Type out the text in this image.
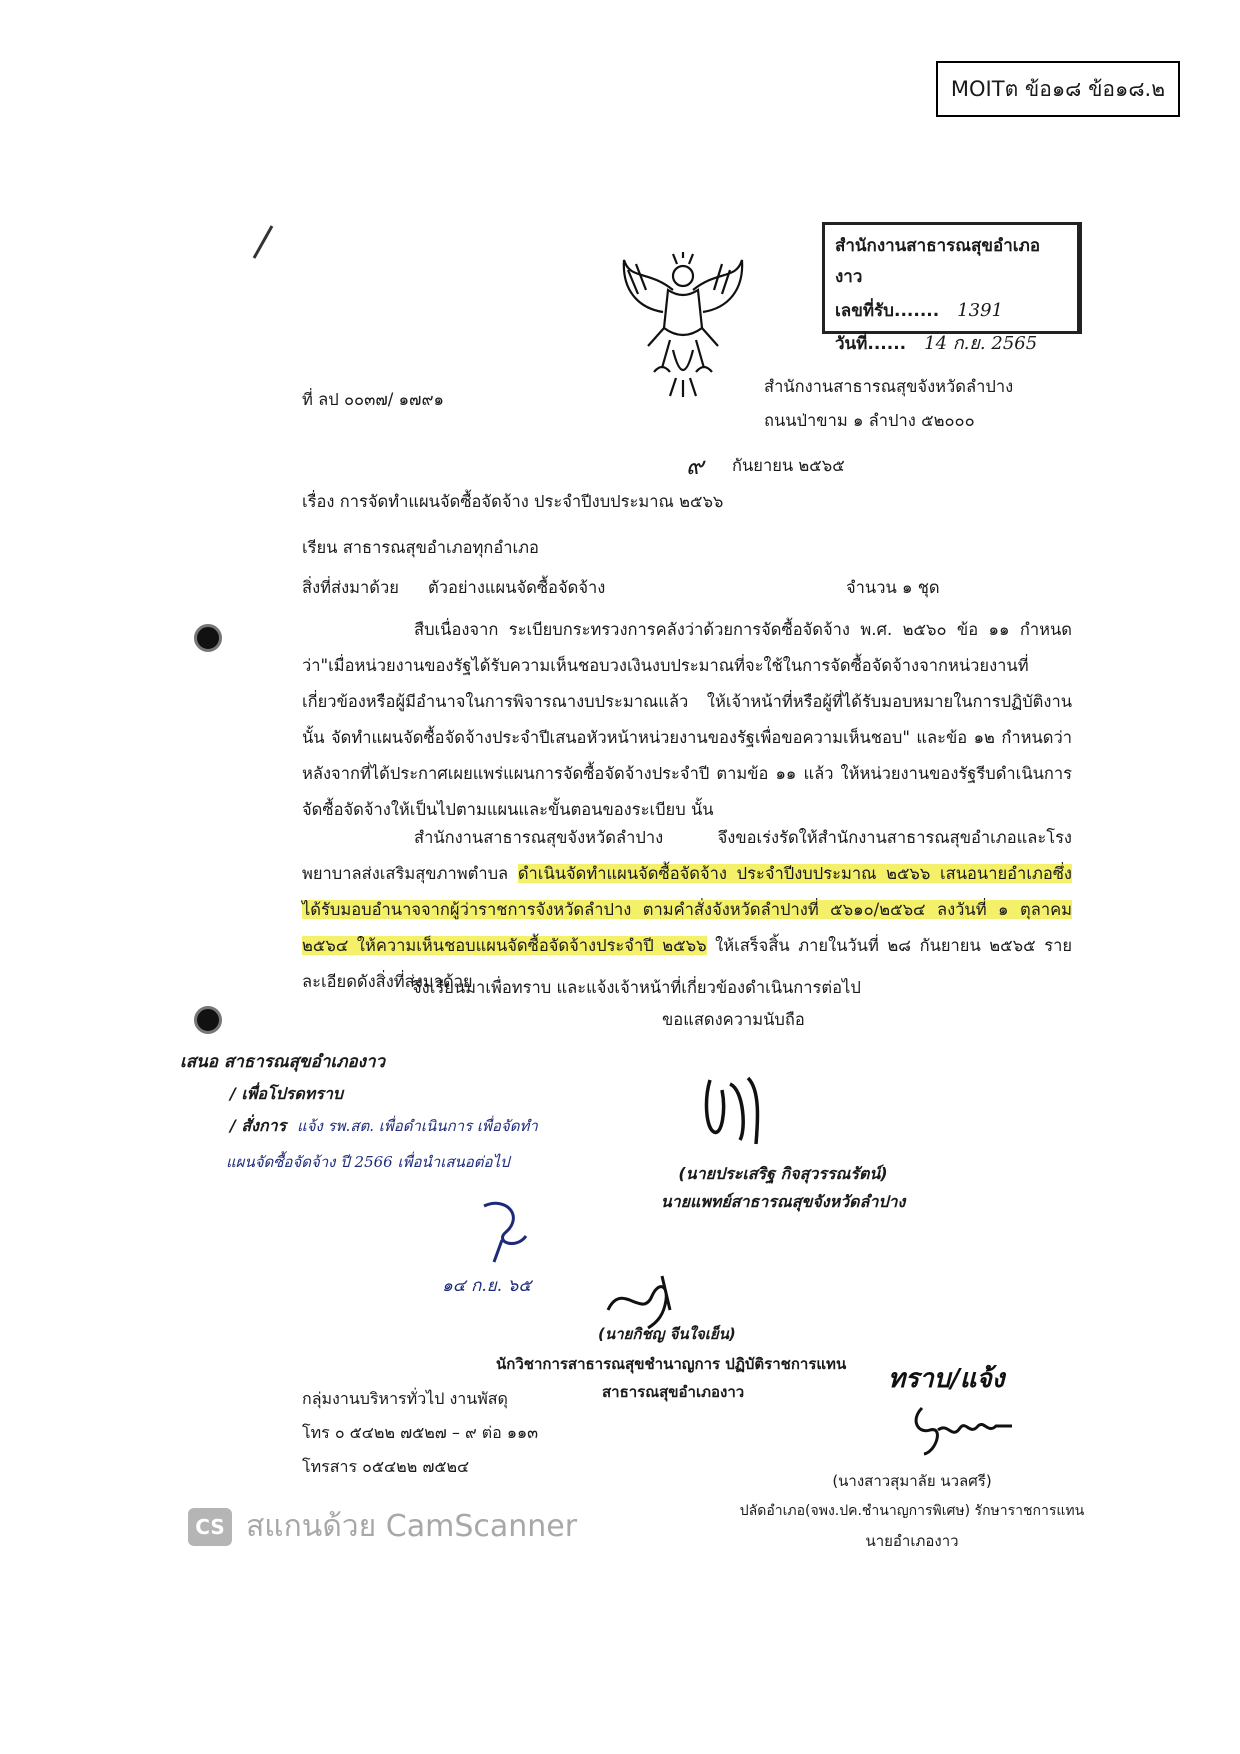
MOITต ข้อ๑๘ ข้อ๑๘.๒
สำนักงานสาธารณสุขอำเภองาว
เลขที่รับ....... 1391
วันที่...... 14 ก.ย. 2565
ที่ ลป ๐๐๓๗/ ๑๗๙๑
สำนักงานสาธารณสุขจังหวัดลำปาง
ถนนป่าขาม ๑ ลำปาง ๕๒๐๐๐
๙ กันยายน ๒๕๖๕
เรื่อง การจัดทำแผนจัดซื้อจัดจ้าง ประจำปีงบประมาณ ๒๕๖๖
เรียน สาธารณสุขอำเภอทุกอำเภอ
สิ่งที่ส่งมาด้วย ตัวอย่างแผนจัดซื้อจัดจ้าง	จำนวน ๑ ชุด
สืบเนื่องจาก ระเบียบกระทรวงการคลังว่าด้วยการจัดซื้อจัดจ้าง พ.ศ. ๒๕๖๐ ข้อ ๑๑ กำหนดว่า"เมื่อหน่วยงานของรัฐได้รับความเห็นชอบวงเงินงบประมาณที่จะใช้ในการจัดซื้อจัดจ้างจากหน่วยงานที่เกี่ยวข้องหรือผู้มีอำนาจในการพิจารณางบประมาณแล้ว ให้เจ้าหน้าที่หรือผู้ที่ได้รับมอบหมายในการปฏิบัติงานนั้น จัดทำแผนจัดซื้อจัดจ้างประจำปีเสนอหัวหน้าหน่วยงานของรัฐเพื่อขอความเห็นชอบ" และข้อ ๑๒ กำหนดว่าหลังจากที่ได้ประกาศเผยแพร่แผนการจัดซื้อจัดจ้างประจำปี ตามข้อ ๑๑ แล้ว ให้หน่วยงานของรัฐรีบดำเนินการจัดซื้อจัดจ้างให้เป็นไปตามแผนและขั้นตอนของระเบียบ นั้น
สำนักงานสาธารณสุขจังหวัดลำปาง จึงขอเร่งรัดให้สำนักงานสาธารณสุขอำเภอและโรงพยาบาลส่งเสริมสุขภาพตำบล ดำเนินจัดทำแผนจัดซื้อจัดจ้าง ประจำปีงบประมาณ ๒๕๖๖ เสนอนายอำเภอซึ่งได้รับมอบอำนาจจากผู้ว่าราชการจังหวัดลำปาง ตามคำสั่งจังหวัดลำปางที่ ๕๖๑๐/๒๕๖๔ ลงวันที่ ๑ ตุลาคม ๒๕๖๔ ให้ความเห็นชอบแผนจัดซื้อจัดจ้างประจำปี ๒๕๖๖ ให้เสร็จสิ้น ภายในวันที่ ๒๘ กันยายน ๒๕๖๕ รายละเอียดดังสิ่งที่ส่งมาด้วย
จึงเรียนมาเพื่อทราบ และแจ้งเจ้าหน้าที่เกี่ยวข้องดำเนินการต่อไป
ขอแสดงความนับถือ
เสนอ สาธารณสุขอำเภองาว
/ เพื่อโปรดทราบ
/ สั่งการ แจ้ง รพ.สต. เพื่อดำเนินการ เพื่อจัดทำ
แผนจัดซื้อจัดจ้าง ปี 2566 เพื่อนำเสนอต่อไป
๑๔ ก.ย. ๖๕
(นายประเสริฐ กิจสุวรรณรัตน์)
นายแพทย์สาธารณสุขจังหวัดลำปาง
(นายกิชญ จีนใจเย็น)
นักวิชาการสาธารณสุขชำนาญการ ปฏิบัติราชการแทน
สาธารณสุขอำเภองาว
กลุ่มงานบริหารทั่วไป งานพัสดุ
โทร ๐ ๕๔๒๒ ๗๕๒๗ – ๙ ต่อ ๑๑๓
โทรสาร ๐๕๔๒๒ ๗๕๒๔
ทราบ/แจ้ง
(นางสาวสุมาลัย นวลศรี)
ปลัดอำเภอ(จพง.ปค.ชำนาญการพิเศษ) รักษาราชการแทน
นายอำเภองาว
CS สแกนด้วย CamScanner
